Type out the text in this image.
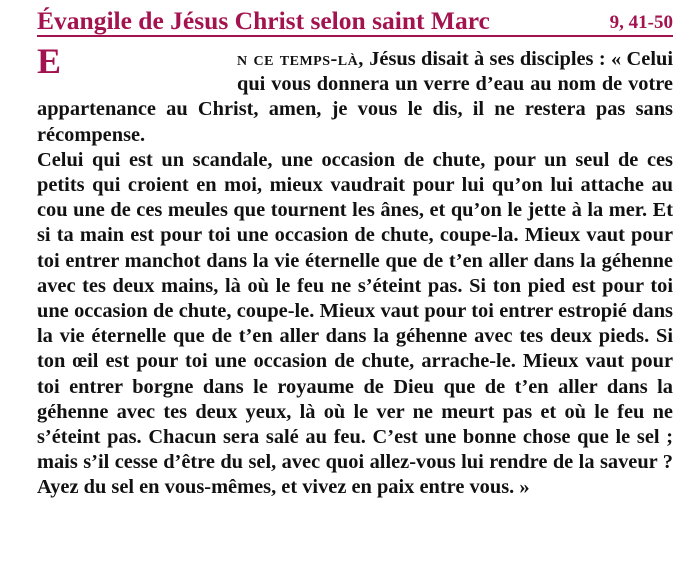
Évangile de Jésus Christ selon saint Marc	9, 41-50

E	n ce temps-là, Jésus disait à ses disciples : « Celui qui vous donnera un verre d’eau au nom de votre appartenance au Christ, amen, je vous le dis, il ne restera pas sans récompense.

Celui qui est un scandale, une occasion de chute, pour un seul de ces petits qui croient en moi, mieux vaudrait pour lui qu’on lui attache au cou une de ces meules que tournent les ânes, et qu’on le jette à la mer. Et si ta main est pour toi une occasion de chute, coupe-la. Mieux vaut pour toi entrer manchot dans la vie éternelle que de t’en aller dans la géhenne avec tes deux mains, là où le feu ne s’éteint pas. Si ton pied est pour toi une occasion de chute, coupe-le. Mieux vaut pour toi entrer estropié dans la vie éternelle que de t’en aller dans la géhenne avec tes deux pieds. Si ton œil est pour toi une occasion de chute, arrache-le. Mieux vaut pour toi entrer borgne dans le royaume de Dieu que de t’en aller dans la géhenne avec tes deux yeux, là où le ver ne meurt pas et où le feu ne s’éteint pas. Chacun sera salé au feu. C’est une bonne chose que le sel ; mais s’il cesse d’être du sel, avec quoi allez-vous lui rendre de la saveur ? Ayez du sel en vous-mêmes, et vivez en paix entre vous. »
